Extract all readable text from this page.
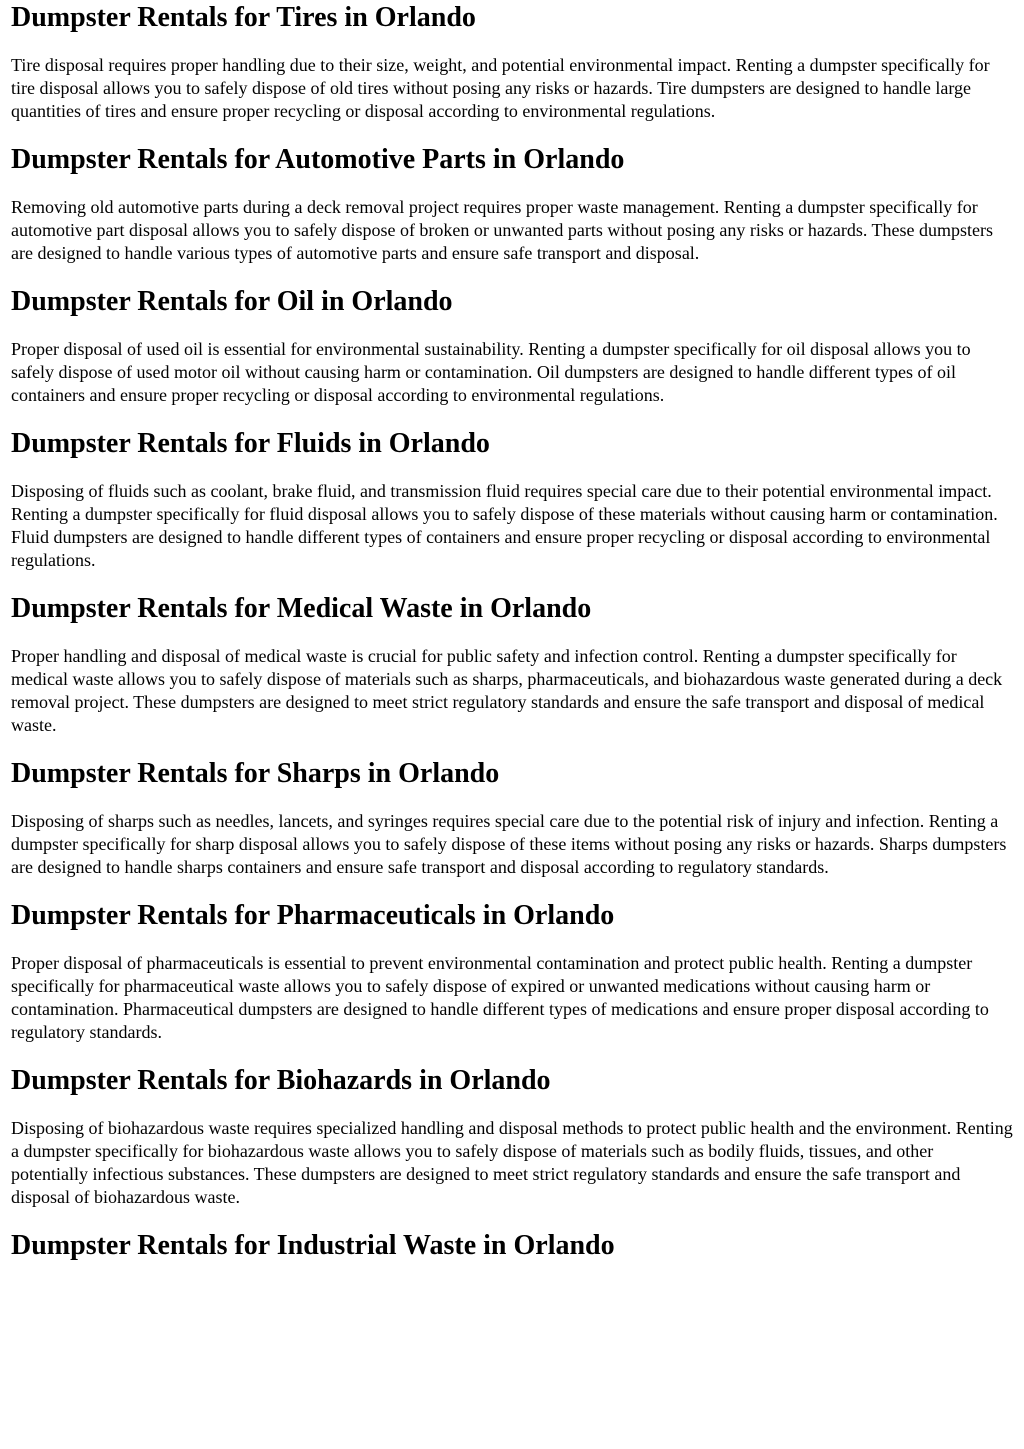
Dumpster Rentals for Tires in Orlando

Tire disposal requires proper handling due to their size, weight, and potential environmental impact. Renting a dumpster specifically for tire disposal allows you to safely dispose of old tires without posing any risks or hazards. Tire dumpsters are designed to handle large quantities of tires and ensure proper recycling or disposal according to environmental regulations.

Dumpster Rentals for Automotive Parts in Orlando

Removing old automotive parts during a deck removal project requires proper waste management. Renting a dumpster specifically for automotive part disposal allows you to safely dispose of broken or unwanted parts without posing any risks or hazards. These dumpsters are designed to handle various types of automotive parts and ensure safe transport and disposal.

Dumpster Rentals for Oil in Orlando

Proper disposal of used oil is essential for environmental sustainability. Renting a dumpster specifically for oil disposal allows you to safely dispose of used motor oil without causing harm or contamination. Oil dumpsters are designed to handle different types of oil containers and ensure proper recycling or disposal according to environmental regulations.

Dumpster Rentals for Fluids in Orlando

Disposing of fluids such as coolant, brake fluid, and transmission fluid requires special care due to their potential environmental impact. Renting a dumpster specifically for fluid disposal allows you to safely dispose of these materials without causing harm or contamination. Fluid dumpsters are designed to handle different types of containers and ensure proper recycling or disposal according to environmental regulations.

Dumpster Rentals for Medical Waste in Orlando

Proper handling and disposal of medical waste is crucial for public safety and infection control. Renting a dumpster specifically for medical waste allows you to safely dispose of materials such as sharps, pharmaceuticals, and biohazardous waste generated during a deck removal project. These dumpsters are designed to meet strict regulatory standards and ensure the safe transport and disposal of medical waste.

Dumpster Rentals for Sharps in Orlando

Disposing of sharps such as needles, lancets, and syringes requires special care due to the potential risk of injury and infection. Renting a dumpster specifically for sharp disposal allows you to safely dispose of these items without posing any risks or hazards. Sharps dumpsters are designed to handle sharps containers and ensure safe transport and disposal according to regulatory standards.

Dumpster Rentals for Pharmaceuticals in Orlando

Proper disposal of pharmaceuticals is essential to prevent environmental contamination and protect public health. Renting a dumpster specifically for pharmaceutical waste allows you to safely dispose of expired or unwanted medications without causing harm or contamination. Pharmaceutical dumpsters are designed to handle different types of medications and ensure proper disposal according to regulatory standards.

Dumpster Rentals for Biohazards in Orlando

Disposing of biohazardous waste requires specialized handling and disposal methods to protect public health and the environment. Renting a dumpster specifically for biohazardous waste allows you to safely dispose of materials such as bodily fluids, tissues, and other potentially infectious substances. These dumpsters are designed to meet strict regulatory standards and ensure the safe transport and disposal of biohazardous waste.

Dumpster Rentals for Industrial Waste in Orlando
